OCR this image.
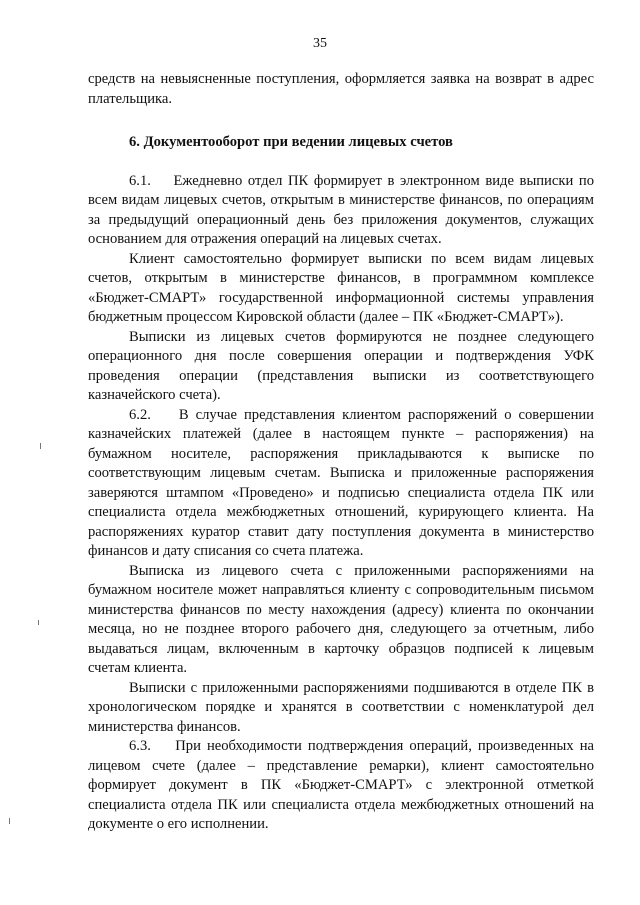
35

средств на невыясненные поступления, оформляется заявка на возврат в адрес плательщика.

6. Документооборот при ведении лицевых счетов

6.1.    Ежедневно отдел ПК формирует в электронном виде выписки по всем видам лицевых счетов, открытым в министерстве финансов, по операциям за предыдущий операционный день без приложения документов, служащих основанием для отражения операций на лицевых счетах.

Клиент самостоятельно формирует выписки по всем видам лицевых счетов, открытым в министерстве финансов, в программном комплексе «Бюджет-СМАРТ» государственной информационной системы управления бюджетным процессом Кировской области (далее – ПК «Бюджет-СМАРТ»).

Выписки из лицевых счетов формируются не позднее следующего операционного дня после совершения операции и подтверждения УФК проведения операции (представления выписки из соответствующего казначейского счета).

6.2.    В случае представления клиентом распоряжений о совершении казначейских платежей (далее в настоящем пункте – распоряжения) на бумажном носителе, распоряжения прикладываются к выписке по соответствующим лицевым счетам. Выписка и приложенные распоряжения заверяются штампом «Проведено» и подписью специалиста отдела ПК или специалиста отдела межбюджетных отношений, курирующего клиента. На распоряжениях куратор ставит дату поступления документа в министерство финансов и дату списания со счета платежа.

Выписка из лицевого счета с приложенными распоряжениями на бумажном носителе может направляться клиенту с сопроводительным письмом министерства финансов по месту нахождения (адресу) клиента по окончании месяца, но не позднее второго рабочего дня, следующего за отчетным, либо выдаваться лицам, включенным в карточку образцов подписей к лицевым счетам клиента.

Выписки с приложенными распоряжениями подшиваются в отделе ПК в хронологическом порядке и хранятся в соответствии с номенклатурой дел министерства финансов.

6.3.    При необходимости подтверждения операций, произведенных на лицевом счете (далее – представление ремарки), клиент самостоятельно формирует документ в ПК «Бюджет-СМАРТ» с электронной отметкой специалиста отдела ПК или специалиста отдела межбюджетных отношений на документе о его исполнении.
